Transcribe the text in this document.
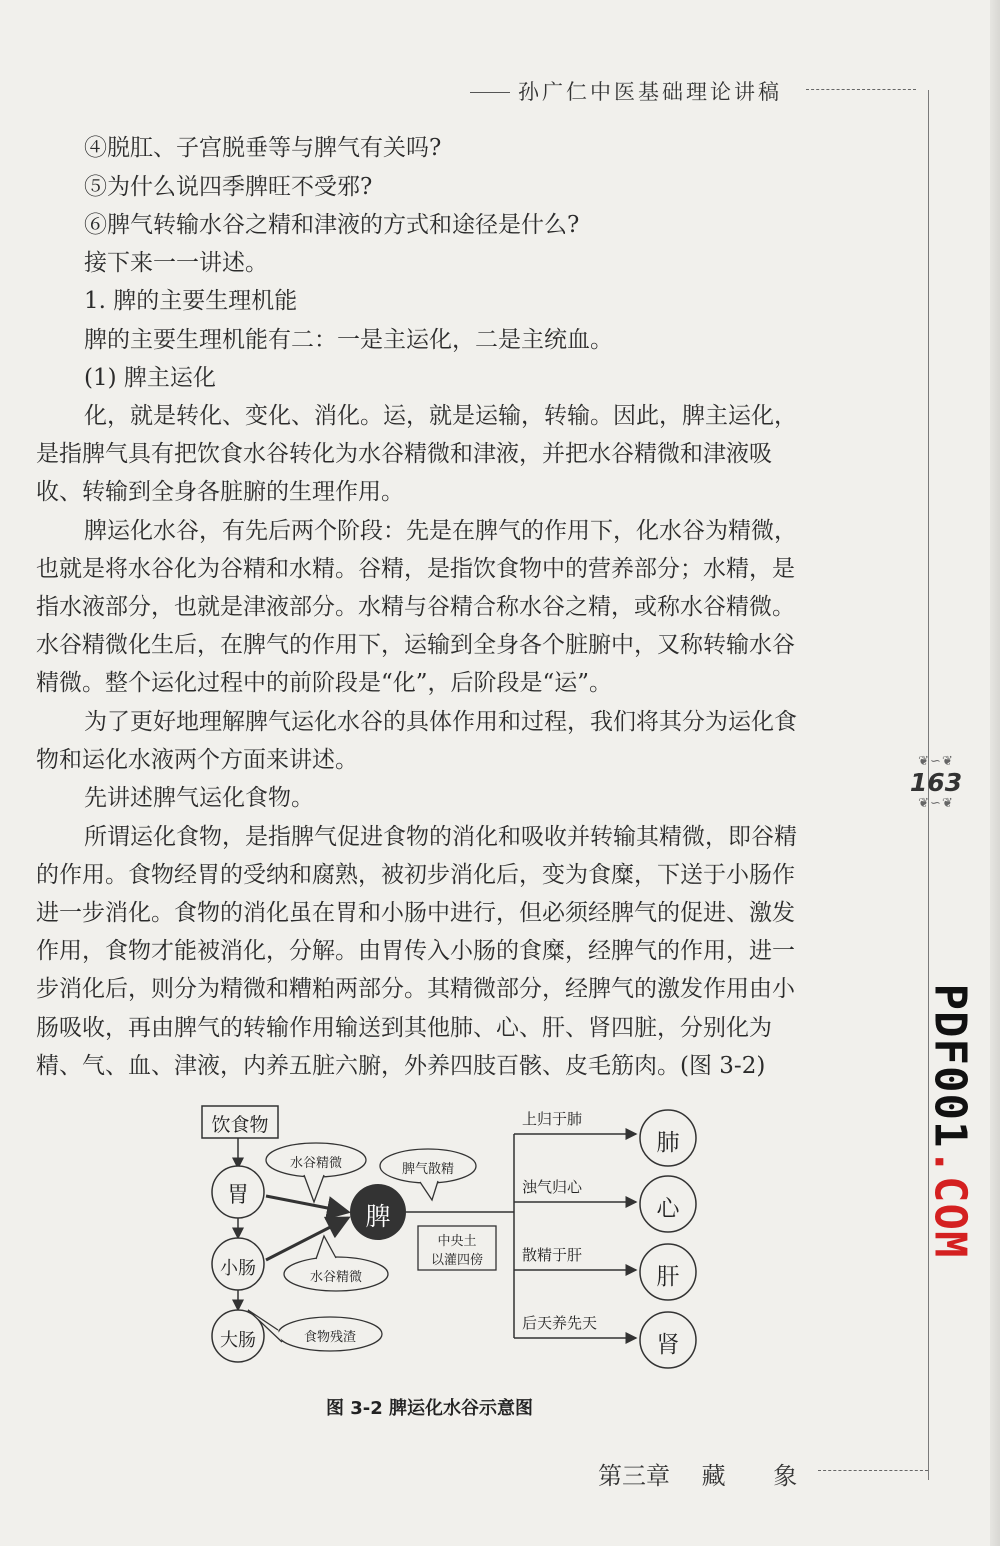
孙广仁中医基础理论讲稿
④脱肛、子宫脱垂等与脾气有关吗?
⑤为什么说四季脾旺不受邪?
⑥脾气转输水谷之精和津液的方式和途径是什么?
接下来一一讲述。
1. 脾的主要生理机能
脾的主要生理机能有二：一是主运化，二是主统血。
(1) 脾主运化
化，就是转化、变化、消化。运，就是运输，转输。因此，脾主运化，
是指脾气具有把饮食水谷转化为水谷精微和津液，并把水谷精微和津液吸
收、转输到全身各脏腑的生理作用。
脾运化水谷，有先后两个阶段：先是在脾气的作用下，化水谷为精微，
也就是将水谷化为谷精和水精。谷精，是指饮食物中的营养部分；水精，是
指水液部分，也就是津液部分。水精与谷精合称水谷之精，或称水谷精微。
水谷精微化生后，在脾气的作用下，运输到全身各个脏腑中，又称转输水谷
精微。整个运化过程中的前阶段是“化”，后阶段是“运”。
为了更好地理解脾气运化水谷的具体作用和过程，我们将其分为运化食
物和运化水液两个方面来讲述。
先讲述脾气运化食物。
所谓运化食物，是指脾气促进食物的消化和吸收并转输其精微，即谷精
的作用。食物经胃的受纳和腐熟，被初步消化后，变为食糜，下送于小肠作
进一步消化。食物的消化虽在胃和小肠中进行，但必须经脾气的促进、激发
作用，食物才能被消化，分解。由胃传入小肠的食糜，经脾气的作用，进一
步消化后，则分为精微和糟粕两部分。其精微部分，经脾气的激发作用由小
肠吸收，再由脾气的转输作用输送到其他肺、心、肝、肾四脏，分别化为
精、气、血、津液，内养五脏六腑，外养四肢百骸、皮毛筋肉。(图 3-2)
❦∽❦
163
❦∽❦
PDF001.COM
饮食物
胃
小肠
大肠
脾
水谷精微
水谷精微
食物残渣
脾气散精
中央土
以灌四傍
上归于肺
浊气归心
散精于肝
后天养先天
肺
心
肝
肾
图 3-2 脾运化水谷示意图
第三章 藏 象
